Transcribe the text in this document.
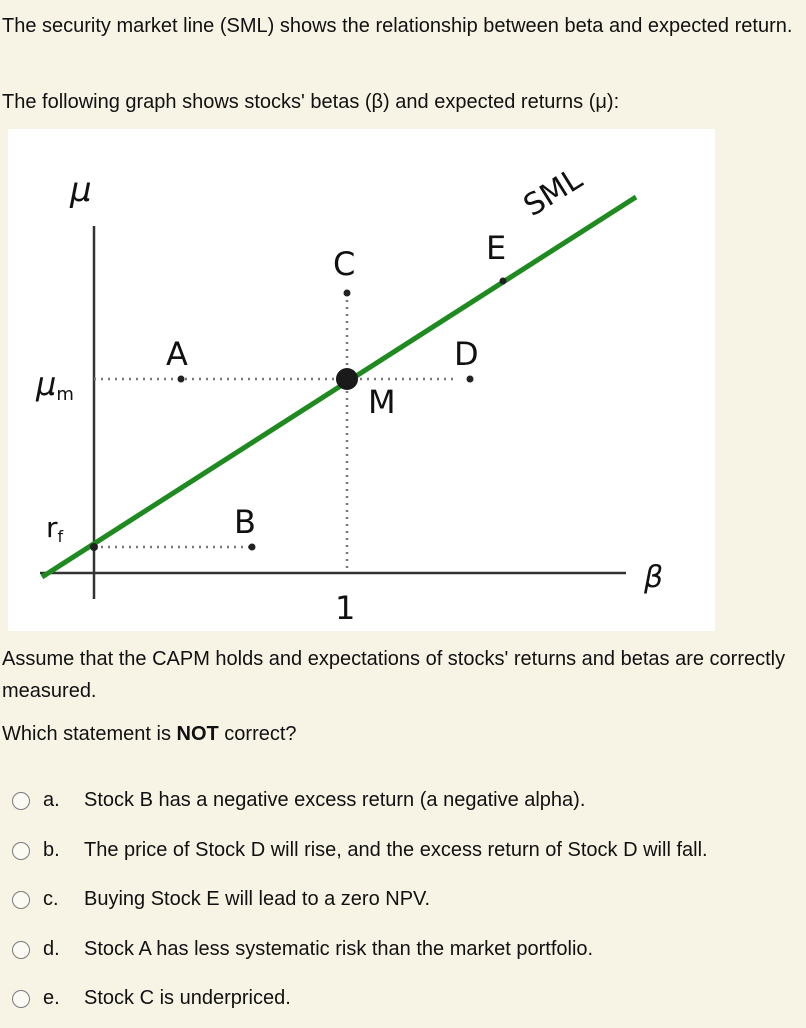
The security market line (SML) shows the relationship between beta and expected return.

The following graph shows stocks' betas (β) and expected returns (μ):

μ
β
μm
rf
1
A
B
C
D
E
M
SML

Assume that the CAPM holds and expectations of stocks' returns and betas are correctly measured.

Which statement is NOT correct?

a. Stock B has a negative excess return (a negative alpha).
b. The price of Stock D will rise, and the excess return of Stock D will fall.
c. Buying Stock E will lead to a zero NPV.
d. Stock A has less systematic risk than the market portfolio.
e. Stock C is underpriced.
